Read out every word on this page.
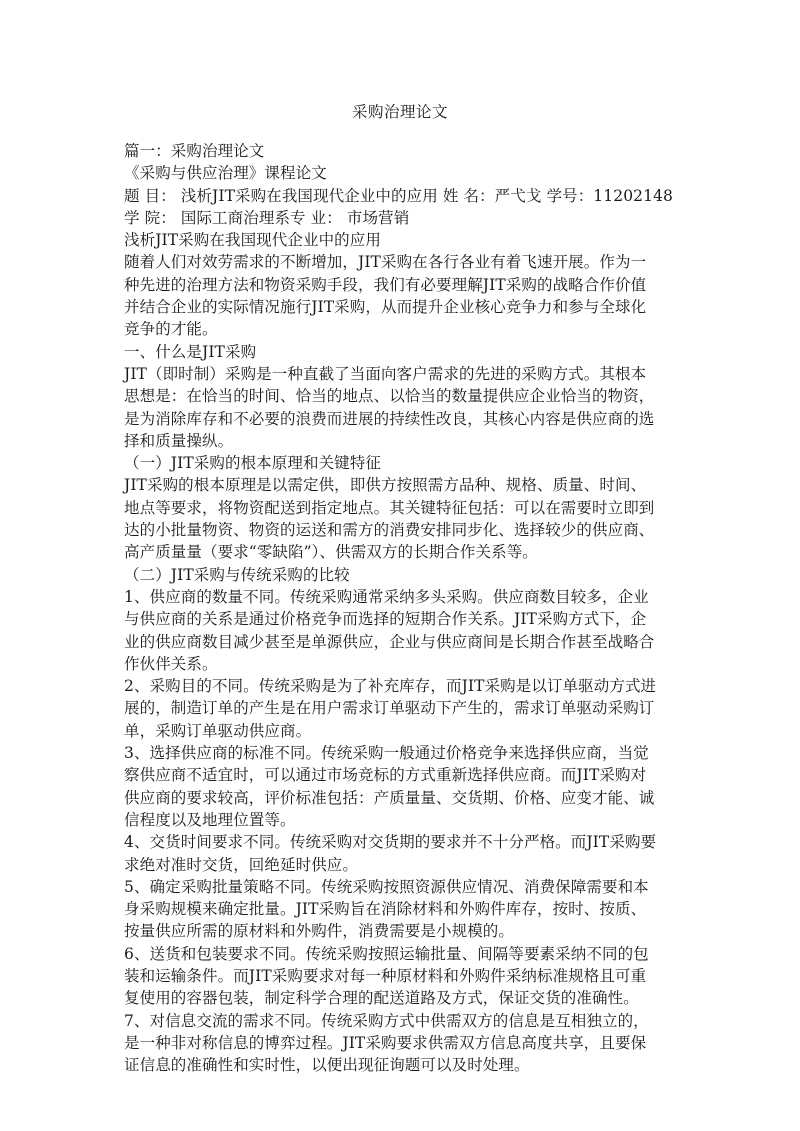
采购治理论文
篇一：采购治理论文
《采购与供应治理》课程论文
题 目： 浅析JIT采购在我国现代企业中的应用 姓 名：严弋戈 学号：11202148
学 院： 国际工商治理系专 业： 市场营销
浅析JIT采购在我国现代企业中的应用
随着人们对效劳需求的不断增加，JIT采购在各行各业有着飞速开展。作为一
种先进的治理方法和物资采购手段，我们有必要理解JIT采购的战略合作价值
并结合企业的实际情况施行JIT采购，从而提升企业核心竞争力和参与全球化
竞争的才能。
一、什么是JIT采购
JIT（即时制）采购是一种直截了当面向客户需求的先进的采购方式。其根本
思想是：在恰当的时间、恰当的地点、以恰当的数量提供应企业恰当的物资，
是为消除库存和不必要的浪费而进展的持续性改良，其核心内容是供应商的选
择和质量操纵。
（一）JIT采购的根本原理和关键特征
JIT采购的根本原理是以需定供，即供方按照需方品种、规格、质量、时间、
地点等要求，将物资配送到指定地点。其关键特征包括：可以在需要时立即到
达的小批量物资、物资的运送和需方的消费安排同步化、选择较少的供应商、
高产质量量（要求“零缺陷”）、供需双方的长期合作关系等。
（二）JIT采购与传统采购的比较
1、供应商的数量不同。传统采购通常采纳多头采购。供应商数目较多，企业
与供应商的关系是通过价格竞争而选择的短期合作关系。JIT采购方式下，企
业的供应商数目减少甚至是单源供应，企业与供应商间是长期合作甚至战略合
作伙伴关系。
2、采购目的不同。传统采购是为了补充库存，而JIT采购是以订单驱动方式进
展的，制造订单的产生是在用户需求订单驱动下产生的，需求订单驱动采购订
单，采购订单驱动供应商。
3、选择供应商的标准不同。传统采购一般通过价格竞争来选择供应商，当觉
察供应商不适宜时，可以通过市场竞标的方式重新选择供应商。而JIT采购对
供应商的要求较高，评价标准包括：产质量量、交货期、价格、应变才能、诚
信程度以及地理位置等。
4、交货时间要求不同。传统采购对交货期的要求并不十分严格。而JIT采购要
求绝对准时交货，回绝延时供应。
5、确定采购批量策略不同。传统采购按照资源供应情况、消费保障需要和本
身采购规模来确定批量。JIT采购旨在消除材料和外购件库存，按时、按质、
按量供应所需的原材料和外购件，消费需要是小规模的。
6、送货和包装要求不同。传统采购按照运输批量、间隔等要素采纳不同的包
装和运输条件。而JIT采购要求对每一种原材料和外购件采纳标准规格且可重
复使用的容器包装，制定科学合理的配送道路及方式，保证交货的准确性。
7、对信息交流的需求不同。传统采购方式中供需双方的信息是互相独立的，
是一种非对称信息的博弈过程。JIT采购要求供需双方信息高度共享，且要保
证信息的准确性和实时性，以便出现征询题可以及时处理。
